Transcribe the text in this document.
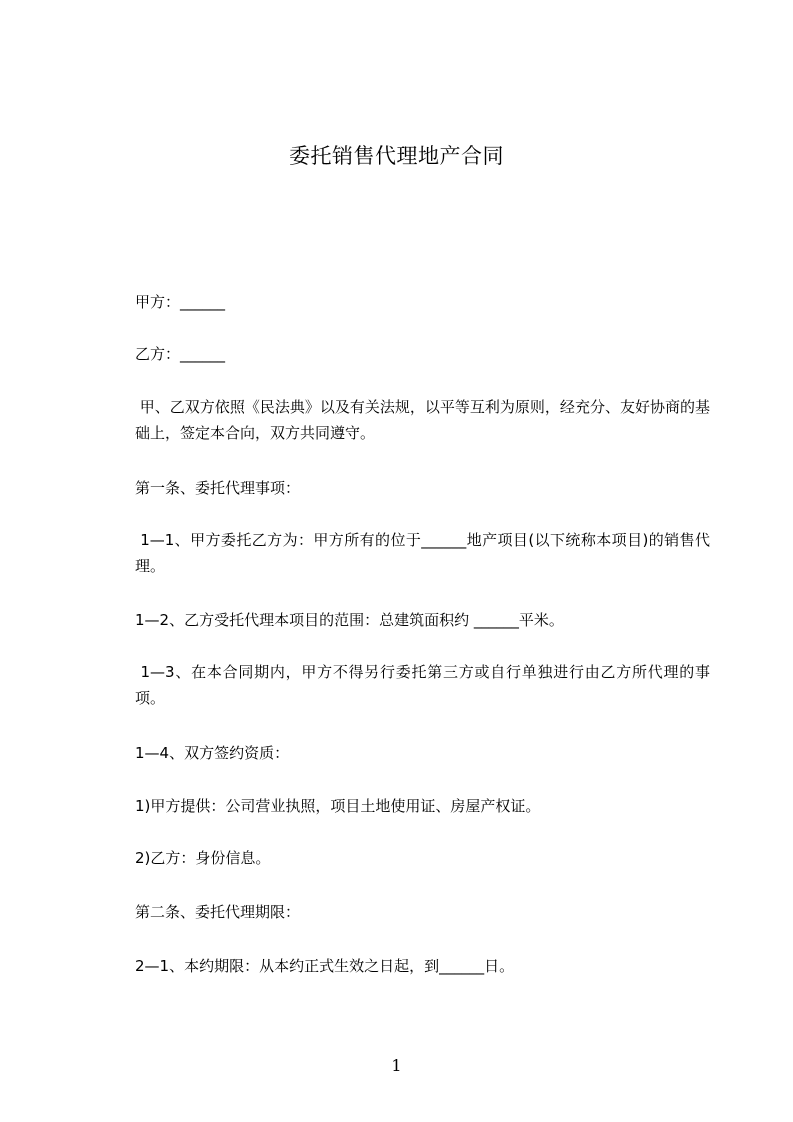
委托销售代理地产合同
甲方：______
乙方：______
甲、乙双方依照《民法典》以及有关法规，以平等互利为原则，经充分、友好协商的基础上，签定本合向，双方共同遵守。
第一条、委托代理事项：
1—1、甲方委托乙方为：甲方所有的位于______地产项目(以下统称本项目)的销售代理。
1—2、乙方受托代理本项目的范围：总建筑面积约 ______平米。
1—3、在本合同期内，甲方不得另行委托第三方或自行单独进行由乙方所代理的事项。
1—4、双方签约资质：
1)甲方提供：公司营业执照，项目土地使用证、房屋产权证。
2)乙方：身份信息。
第二条、委托代理期限：
2—1、本约期限：从本约正式生效之日起，到______日。
1
